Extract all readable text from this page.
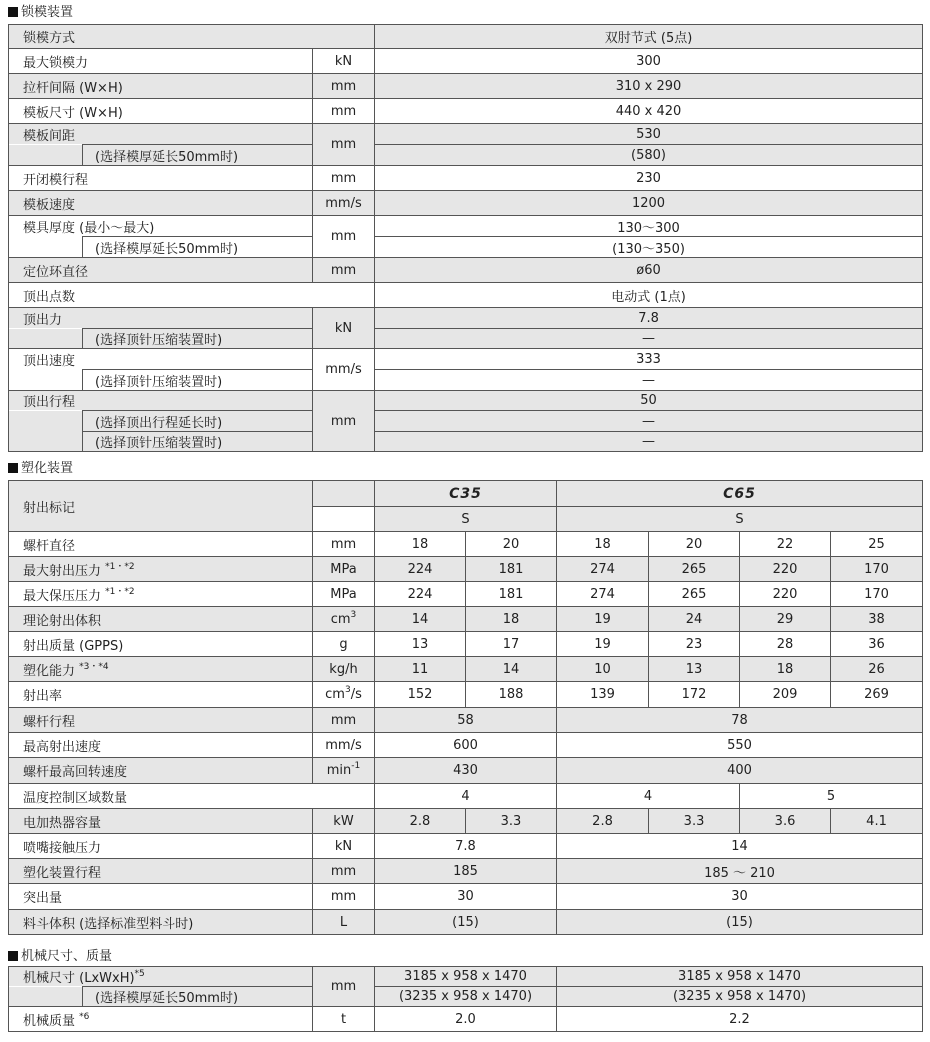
锁模装置
锁模方式			双肘节式 (5点)
最大锁模力		kN	300
拉杆间隔 (W×H)		mm	310 x 290
模板尺寸 (W×H)		mm	440 x 420
模板间距		mm	530
	(选择模厚延长50mm时)		(580)
开闭模行程		mm	230
模板速度		mm/s	1200
模具厚度 (最小～最大)		mm	130～300
	(选择模厚延长50mm时)		(130～350)
定位环直径		mm	ø60
顶出点数			电动式 (1点)
顶出力		kN	7.8
	(选择顶针压缩装置时)		—
顶出速度		mm/s	333
	(选择顶针压缩装置时)		—
顶出行程		mm	50
	(选择顶出行程延长时)		—
	(选择顶针压缩装置时)		—
塑化装置
射出标记		C35		C65			
		S		S			
螺杆直径	mm	18	20	18	20	22	25
最大射出压力 $^{*1・*2}$	MPa	224	181	274	265	220	170
最大保压压力 $^{*1・*2}$	MPa	224	181	274	265	220	170
理论射出体积	$cm^3$	14	18	19	24	29	38
射出质量 (GPPS)	g	13	17	19	23	28	36
塑化能力 $^{*3・*4}$	kg/h	11	14	10	13	18	26
射出率	$cm^3/s$	152	188	139	172	209	269
螺杆行程	mm	58		78			
最高射出速度	mm/s	600		550			
螺杆最高回转速度	$\min^{-1}$	430		400			
温度控制区域数量		4		4		5	
电加热器容量	kW	2.8	3.3	2.8	3.3	3.6	4.1
喷嘴接触压力	kN	7.8		14			
塑化装置行程	mm	185		185 ～ 210			
突出量	mm	30		30			
料斗体积 (选择标准型料斗时)	L	(15)		(15)			
机械尺寸、质量
机械尺寸 (LxWxH)$^{*5}$		mm	3185 x 958 x 1470	3185 x 958 x 1470
	(选择模厚延长50mm时)		(3235 x 958 x 1470)	(3235 x 958 x 1470)
机械质量 $^{*6}$		t	2.0	2.2
